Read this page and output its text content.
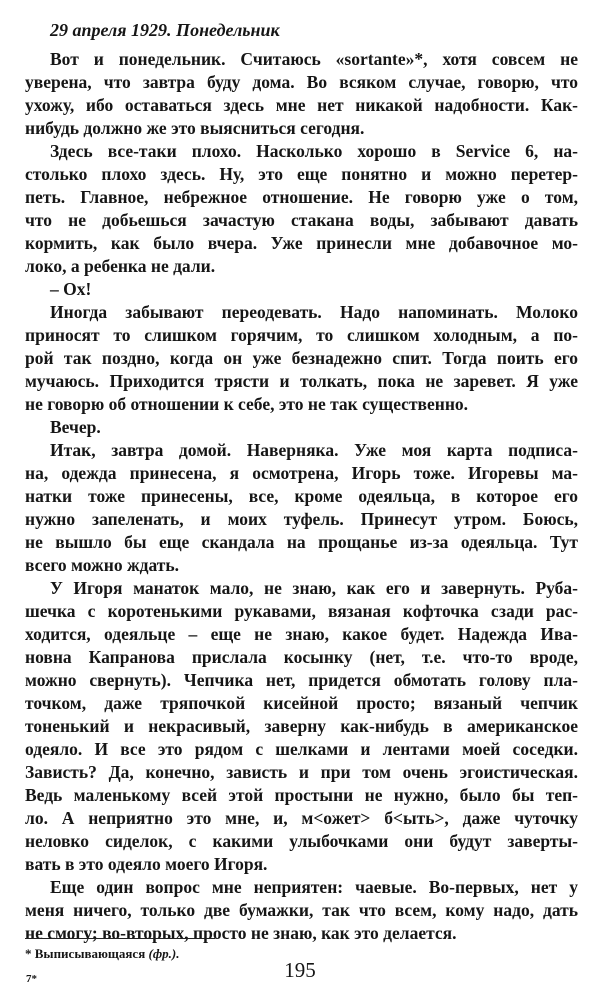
29 апреля 1929. Понедельник
Вот и понедельник. Считаюсь «sortante»*, хотя совсем не
уверена, что завтра буду дома. Во всяком случае, говорю, что
ухожу, ибо оставаться здесь мне нет никакой надобности. Как-
нибудь должно же это выясниться сегодня.
Здесь все-таки плохо. Насколько хорошо в Service 6, на-
столько плохо здесь. Ну, это еще понятно и можно перетер-
петь. Главное, небрежное отношение. Не говорю уже о том,
что не добьешься зачастую стакана воды, забывают давать
кормить, как было вчера. Уже принесли мне добавочное мо-
локо, а ребенка не дали.
– Ох!
Иногда забывают переодевать. Надо напоминать. Молоко
приносят то слишком горячим, то слишком холодным, а по-
рой так поздно, когда он уже безнадежно спит. Тогда поить его
мучаюсь. Приходится трясти и толкать, пока не заревет. Я уже
не говорю об отношении к себе, это не так существенно.
Вечер.
Итак, завтра домой. Наверняка. Уже моя карта подписа-
на, одежда принесена, я осмотрена, Игорь тоже. Игоревы ма-
натки тоже принесены, все, кроме одеяльца, в которое его
нужно запеленать, и моих туфель. Принесут утром. Боюсь,
не вышло бы еще скандала на прощанье из-за одеяльца. Тут
всего можно ждать.
У Игоря манаток мало, не знаю, как его и завернуть. Руба-
шечка с коротенькими рукавами, вязаная кофточка сзади рас-
ходится, одеяльце – еще не знаю, какое будет. Надежда Ива-
новна Капранова прислала косынку (нет, т.е. что-то вроде,
можно свернуть). Чепчика нет, придется обмотать голову пла-
точком, даже тряпочкой кисейной просто; вязаный чепчик
тоненький и некрасивый, заверну как-нибудь в американское
одеяло. И все это рядом с шелками и лентами моей соседки.
Зависть? Да, конечно, зависть и при том очень эгоистическая.
Ведь маленькому всей этой простыни не нужно, было бы теп-
ло. А неприятно это мне, и, м<ожет> б<ыть>, даже чуточку
неловко сиделок, с какими улыбочками они будут заверты-
вать в это одеяло моего Игоря.
Еще один вопрос мне неприятен: чаевые. Во-первых, нет у
меня ничего, только две бумажки, так что всем, кому надо, дать
не смогу; во-вторых, просто не знаю, как это делается.
* Выписывающаяся (фр.).
195
7*
